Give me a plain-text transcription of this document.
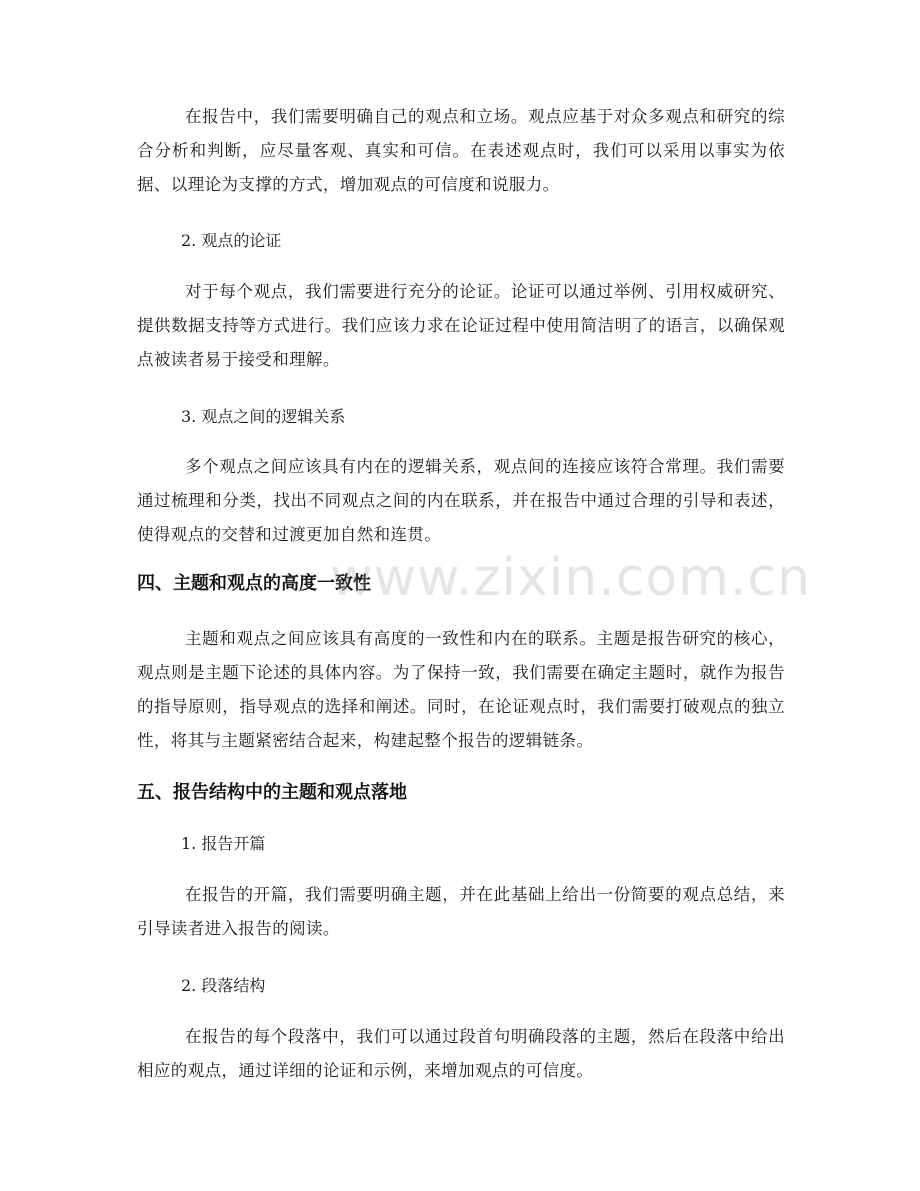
在报告中，我们需要明确自己的观点和立场。观点应基于对众多观点和研究的综合分析和判断，应尽量客观、真实和可信。在表述观点时，我们可以采用以事实为依据、以理论为支撑的方式，增加观点的可信度和说服力。

2. 观点的论证

对于每个观点，我们需要进行充分的论证。论证可以通过举例、引用权威研究、提供数据支持等方式进行。我们应该力求在论证过程中使用简洁明了的语言，以确保观点被读者易于接受和理解。

3. 观点之间的逻辑关系

多个观点之间应该具有内在的逻辑关系，观点间的连接应该符合常理。我们需要通过梳理和分类，找出不同观点之间的内在联系，并在报告中通过合理的引导和表述，使得观点的交替和过渡更加自然和连贯。

四、主题和观点的高度一致性

主题和观点之间应该具有高度的一致性和内在的联系。主题是报告研究的核心，观点则是主题下论述的具体内容。为了保持一致，我们需要在确定主题时，就作为报告的指导原则，指导观点的选择和阐述。同时，在论证观点时，我们需要打破观点的独立性，将其与主题紧密结合起来，构建起整个报告的逻辑链条。

五、报告结构中的主题和观点落地

1. 报告开篇

在报告的开篇，我们需要明确主题，并在此基础上给出一份简要的观点总结，来引导读者进入报告的阅读。

2. 段落结构

在报告的每个段落中，我们可以通过段首句明确段落的主题，然后在段落中给出相应的观点，通过详细的论证和示例，来增加观点的可信度。

www.zixin.com.cn
